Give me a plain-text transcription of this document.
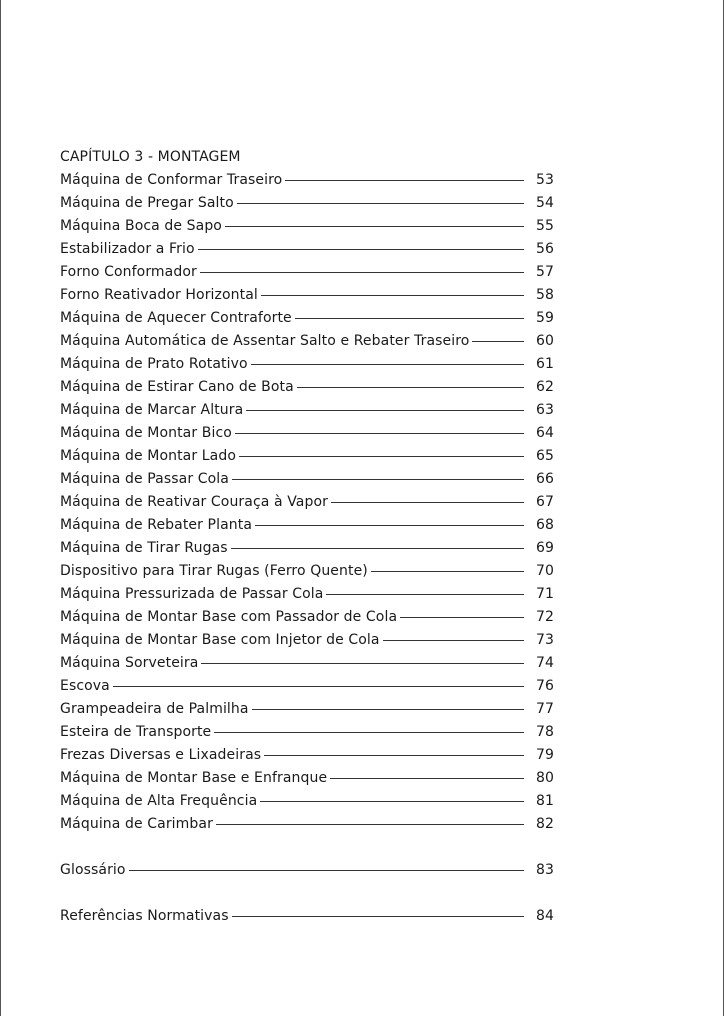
CAPÍTULO 3 - MONTAGEM
Máquina de Conformar Traseiro	53
Máquina de Pregar Salto	54
Máquina Boca de Sapo	55
Estabilizador a Frio	56
Forno Conformador	57
Forno Reativador Horizontal	58
Máquina de Aquecer Contraforte	59
Máquina Automática de Assentar Salto e Rebater Traseiro	60
Máquina de Prato Rotativo	61
Máquina de Estirar Cano de Bota	62
Máquina de Marcar Altura	63
Máquina de Montar Bico	64
Máquina de Montar Lado	65
Máquina de Passar Cola	66
Máquina de Reativar Couraça à Vapor	67
Máquina de Rebater Planta	68
Máquina de Tirar Rugas	69
Dispositivo para Tirar Rugas (Ferro Quente)	70
Máquina Pressurizada de Passar Cola	71
Máquina de Montar Base com Passador de Cola	72
Máquina de Montar Base com Injetor de Cola	73
Máquina Sorveteira	74
Escova	76
Grampeadeira de Palmilha	77
Esteira de Transporte	78
Frezas Diversas e Lixadeiras	79
Máquina de Montar Base e Enfranque	80
Máquina de Alta Frequência	81
Máquina de Carimbar	82
Glossário	83
Referências Normativas	84
